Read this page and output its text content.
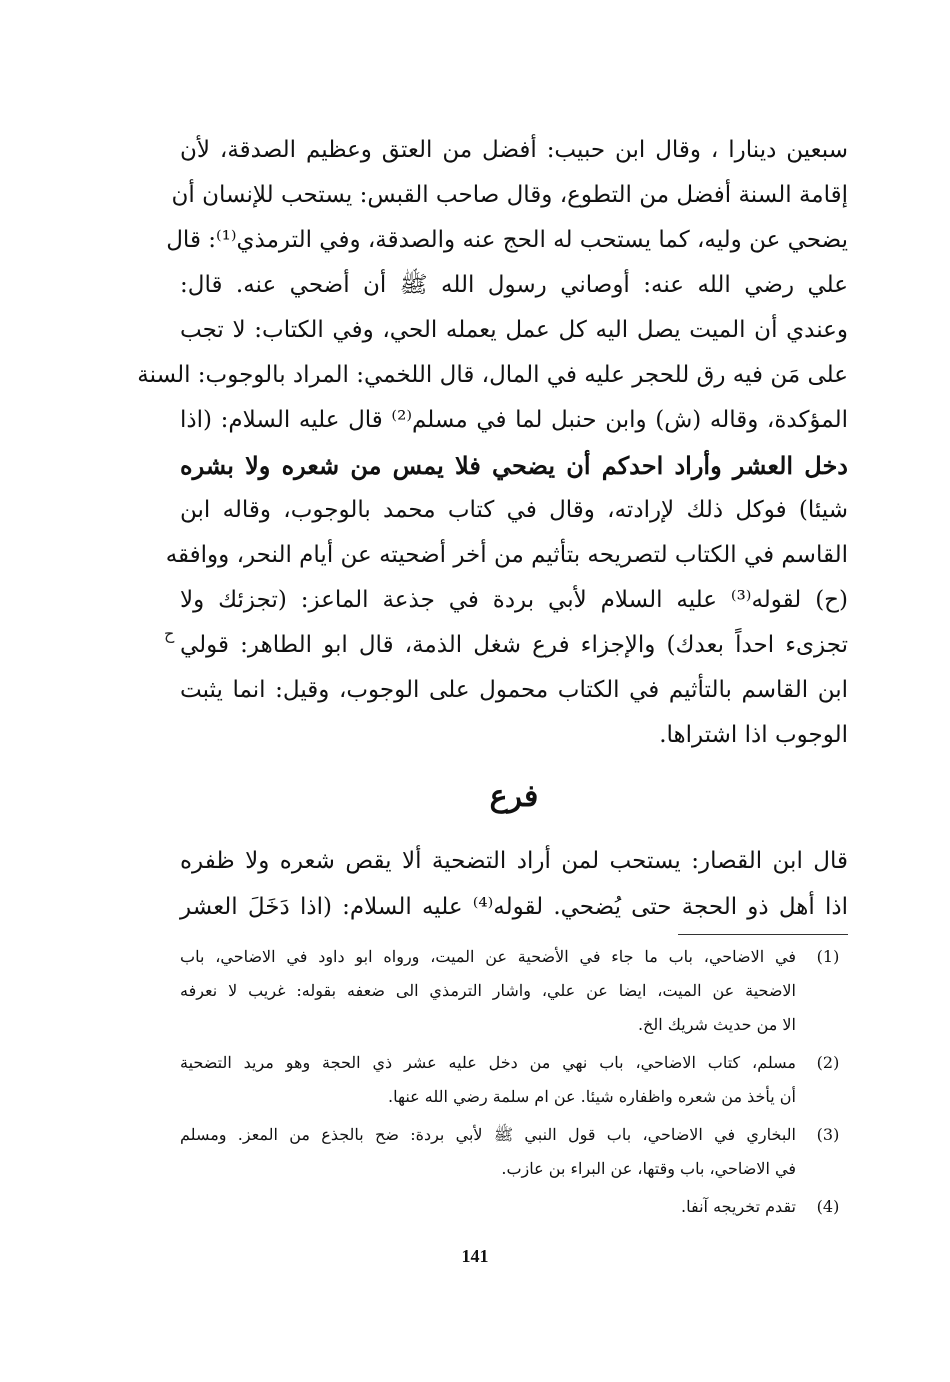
سبعين دينارا ، وقال ابن حبيب: أفضل من العتق وعظيم الصدقة، لأن
إقامة السنة أفضل من التطوع، وقال صاحب القبس: يستحب للإنسان أن
يضحي عن وليه، كما يستحب له الحج عنه والصدقة، وفي الترمذي⁽¹⁾: قال
علي رضي الله عنه: أوصاني رسول الله ﷺ أن أضحي عنه. قال:
وعندي أن الميت يصل اليه كل عمل يعمله الحي، وفي الكتاب: لا تجب
على مَن فيه رق للحجر عليه في المال، قال اللخمي: المراد بالوجوب: السنة
المؤكدة، وقاله (ش) وابن حنبل لما في مسلم⁽²⁾ قال عليه السلام: (اذا
دخل العشر وأراد احدكم أن يضحي فلا يمس من شعره ولا بشره
شيئا) فوكل ذلك لإرادته، وقال في كتاب محمد بالوجوب، وقاله ابن
القاسم في الكتاب لتصريحه بتأثيم من أخر أضحيته عن أيام النحر، ووافقه
(ح) لقوله⁽³⁾ عليه السلام لأبي بردة في جذعة الماعز: (تجزئك ولا
تجزىء احداً بعدك) والإجزاء فرع شغل الذمة، قال ابو الطاهر: قولي
ابن القاسم بالتأثيم في الكتاب محمول على الوجوب، وقيل: انما يثبت
الوجوب اذا اشتراها.
ح
فرع
قال ابن القصار: يستحب لمن أراد التضحية ألا يقص شعره ولا ظفره
اذا أهل ذو الحجة حتى يُضحي. لقوله⁽⁴⁾ عليه السلام: (اذا دَخَلَ العشر
(1)
في الاضاحي، باب ما جاء في الأضحية عن الميت، ورواه ابو داود في الاضاحي، باب
الاضحية عن الميت، ايضا عن علي، واشار الترمذي الى ضعفه بقوله: غريب لا نعرفه
الا من حديث شريك الخ.
(2)
مسلم، كتاب الاضاحي، باب نهي من دخل عليه عشر ذي الحجة وهو مريد التضحية
أن يأخذ من شعره واظفاره شيئا. عن ام سلمة رضي الله عنها.
(3)
البخاري في الاضاحي، باب قول النبي ﷺ لأبي بردة: ضح بالجذع من المعز. ومسلم
في الاضاحي، باب وقتها، عن البراء بن عازب.
(4)
تقدم تخريجه آنفا.
141
